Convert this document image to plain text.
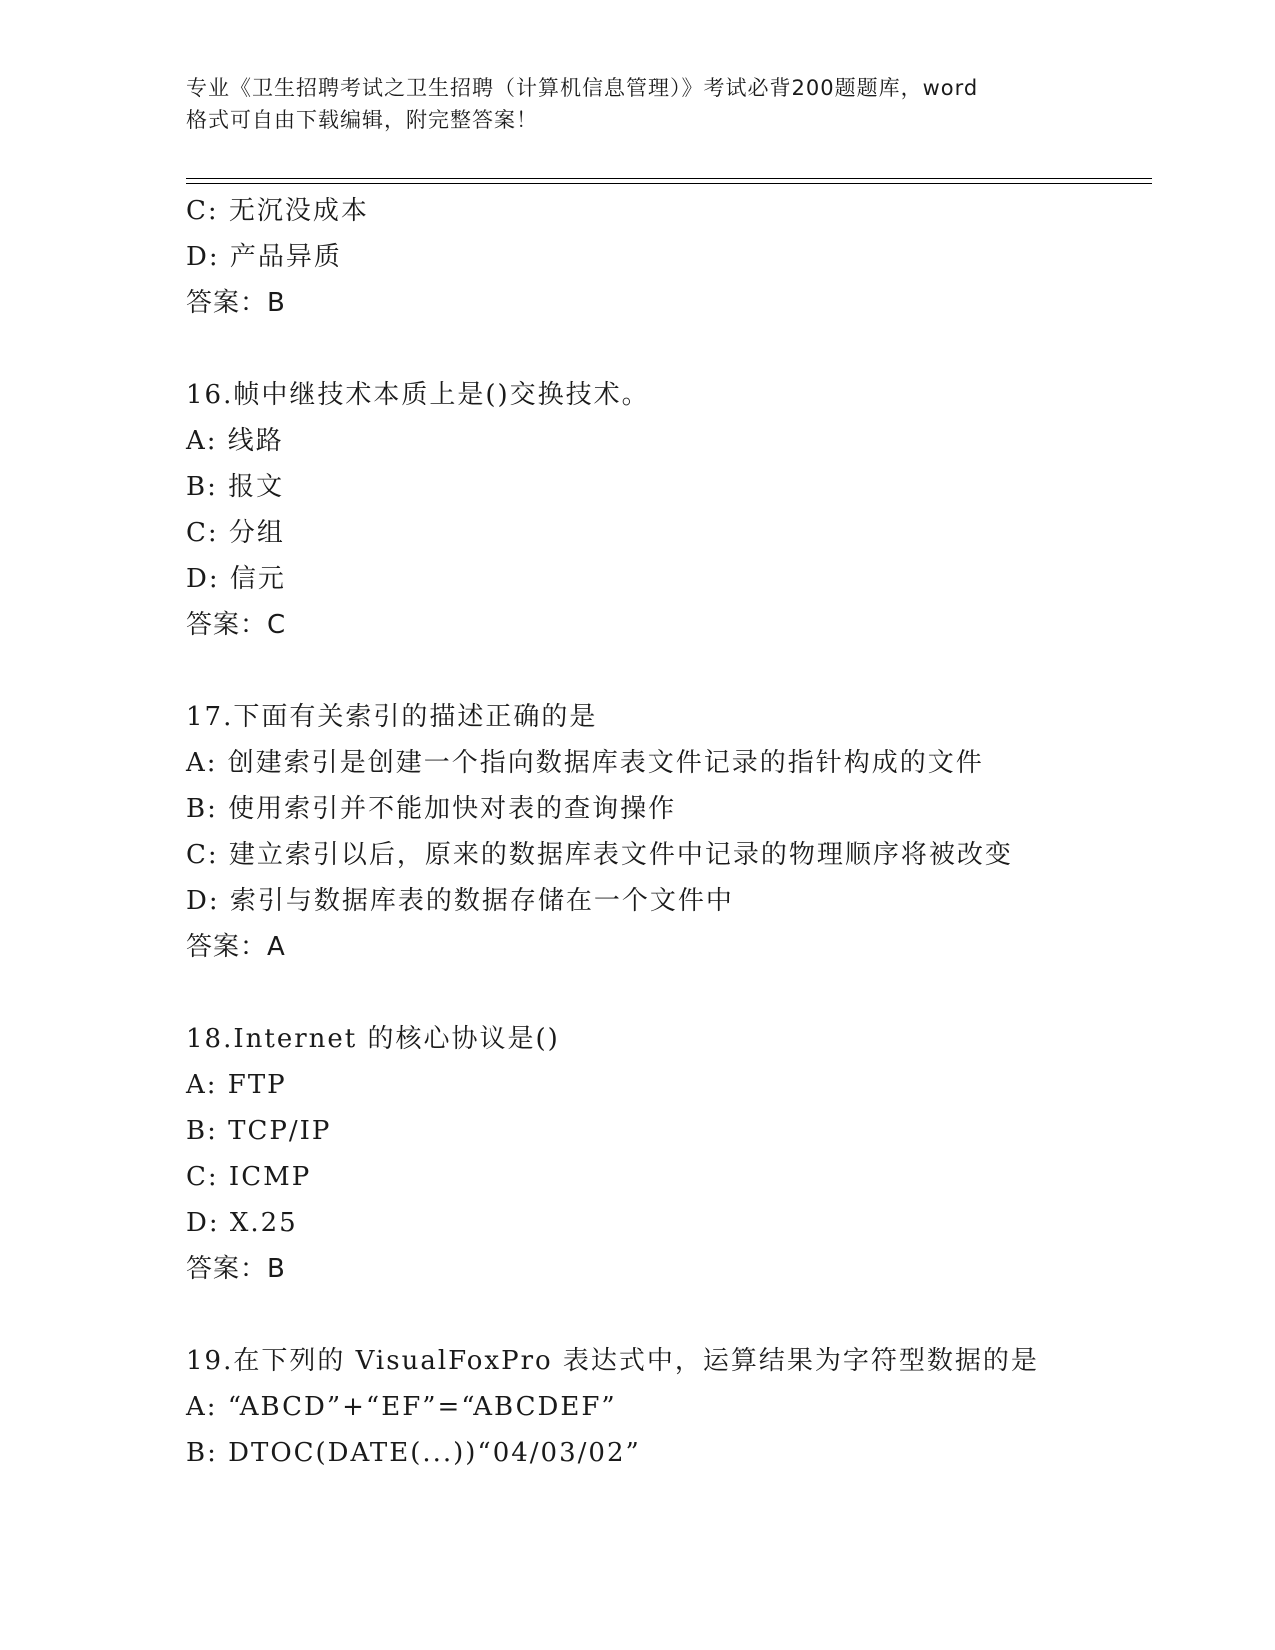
专业《卫生招聘考试之卫生招聘（计算机信息管理）》考试必背200题题库，word
格式可自由下载编辑，附完整答案！
C: 无沉没成本
D: 产品异质
答案：B
16.帧中继技术本质上是()交换技术。
A: 线路
B: 报文
C: 分组
D: 信元
答案：C
17.下面有关索引的描述正确的是
A: 创建索引是创建一个指向数据库表文件记录的指针构成的文件
B: 使用索引并不能加快对表的查询操作
C: 建立索引以后，原来的数据库表文件中记录的物理顺序将被改变
D: 索引与数据库表的数据存储在一个文件中
答案：A
18.Internet 的核心协议是()
A: FTP
B: TCP/IP
C: ICMP
D: X.25
答案：B
19.在下列的 VisualFoxPro 表达式中，运算结果为字符型数据的是
A: “ABCD”+“EF”=“ABCDEF”
B: DTOC(DATE(...))“04/03/02”
